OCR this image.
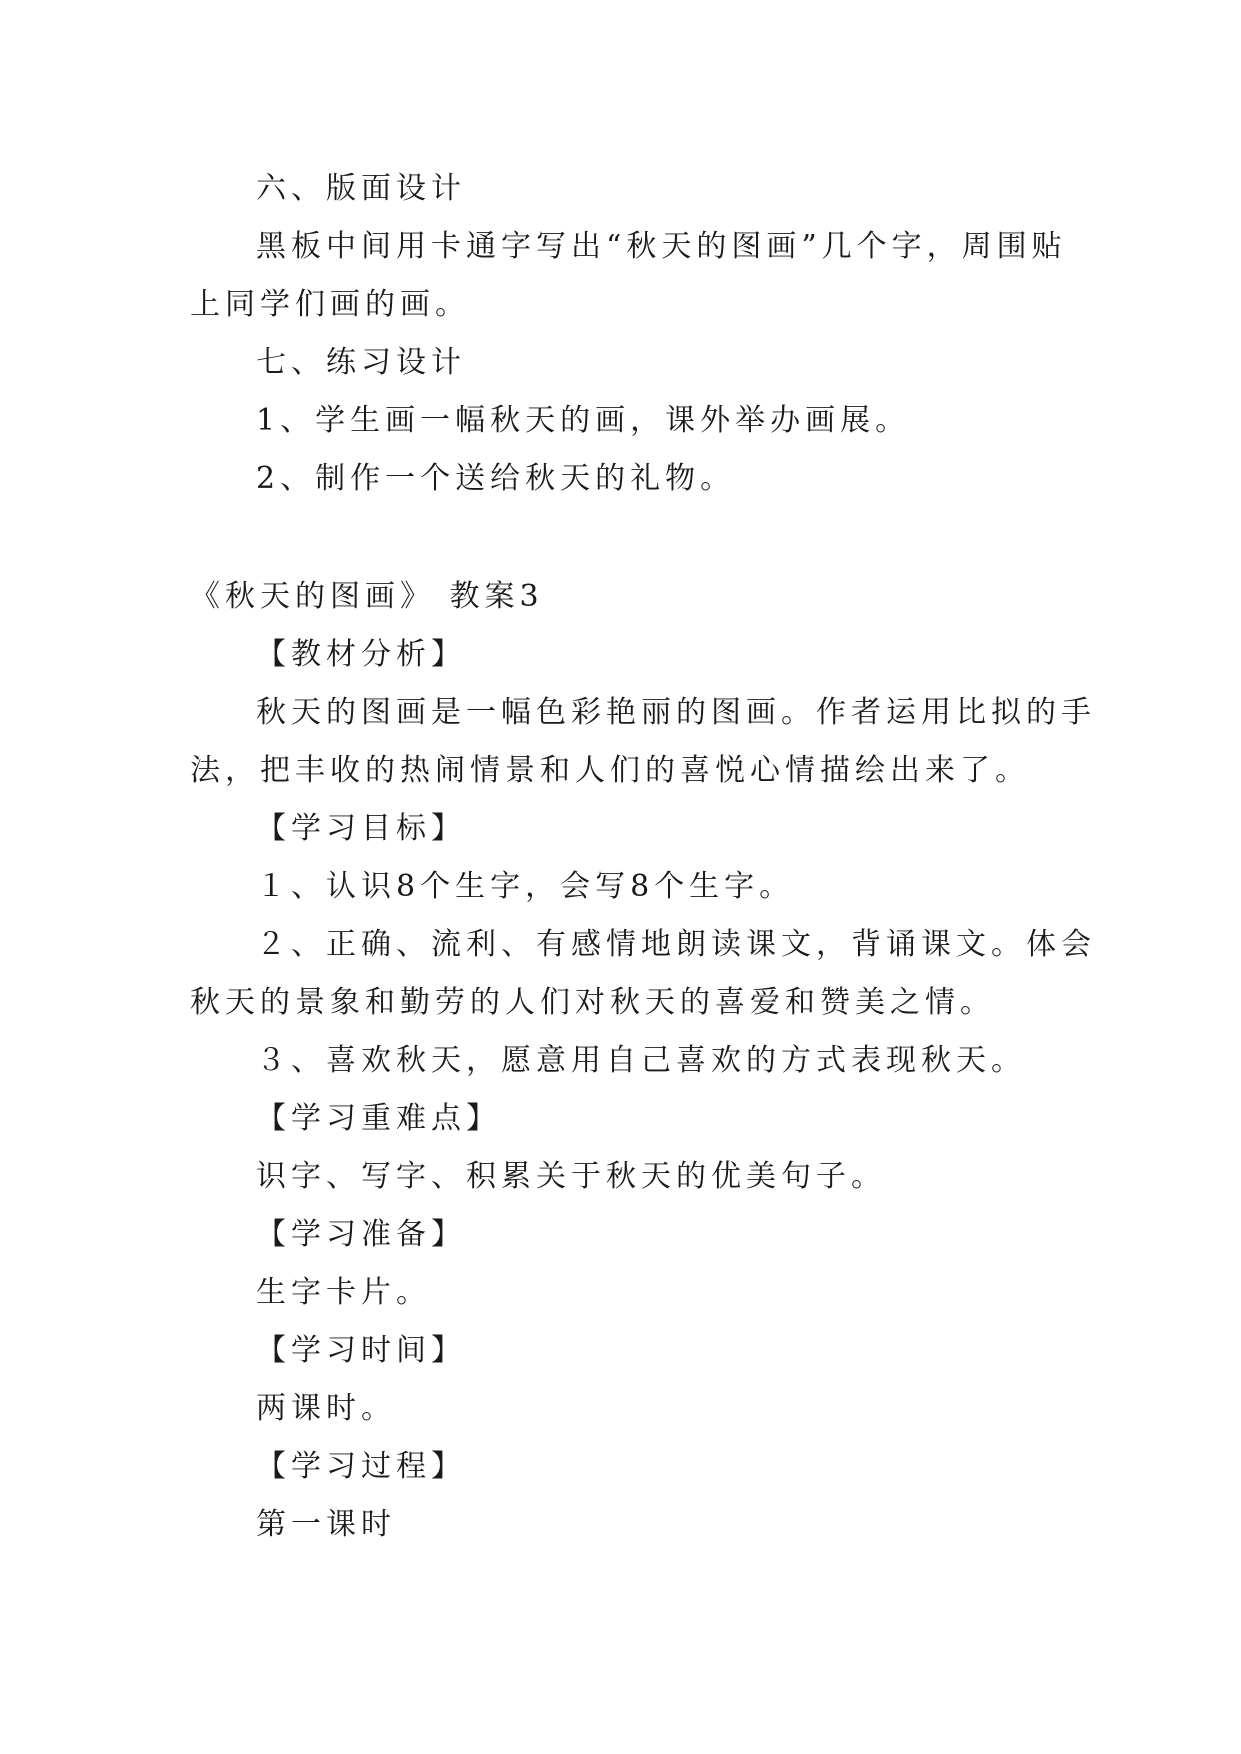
六、版面设计
黑板中间用卡通字写出“秋天的图画”几个字，周围贴
上同学们画的画。
七、练习设计
1、学生画一幅秋天的画，课外举办画展。
2、制作一个送给秋天的礼物。
《秋天的图画》 教案3
【教材分析】
秋天的图画是一幅色彩艳丽的图画。作者运用比拟的手
法，把丰收的热闹情景和人们的喜悦心情描绘出来了。
【学习目标】
１、认识8个生字，会写8个生字。
２、正确、流利、有感情地朗读课文，背诵课文。体会
秋天的景象和勤劳的人们对秋天的喜爱和赞美之情。
３、喜欢秋天，愿意用自己喜欢的方式表现秋天。
【学习重难点】
识字、写字、积累关于秋天的优美句子。
【学习准备】
生字卡片。
【学习时间】
两课时。
【学习过程】
第一课时
